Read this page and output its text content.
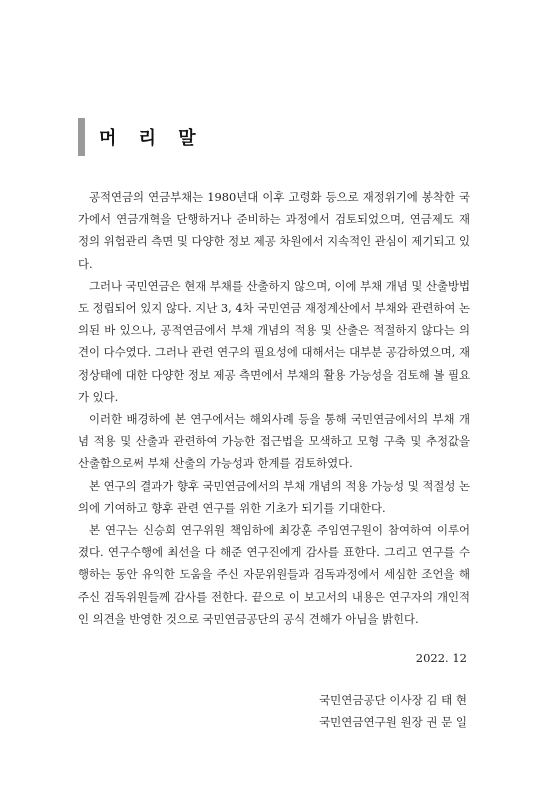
머 리 말

공적연금의 연금부채는 1980년대 이후 고령화 등으로 재정위기에 봉착한 국가에서 연금개혁을 단행하거나 준비하는 과정에서 검토되었으며, 연금제도 재정의 위험관리 측면 및 다양한 정보 제공 차원에서 지속적인 관심이 제기되고 있다.

그러나 국민연금은 현재 부채를 산출하지 않으며, 이에 부채 개념 및 산출방법도 정립되어 있지 않다. 지난 3, 4차 국민연금 재정계산에서 부채와 관련하여 논의된 바 있으나, 공적연금에서 부채 개념의 적용 및 산출은 적절하지 않다는 의견이 다수였다. 그러나 관련 연구의 필요성에 대해서는 대부분 공감하였으며, 재정상태에 대한 다양한 정보 제공 측면에서 부채의 활용 가능성을 검토해 볼 필요가 있다.

이러한 배경하에 본 연구에서는 해외사례 등을 통해 국민연금에서의 부채 개념 적용 및 산출과 관련하여 가능한 접근법을 모색하고 모형 구축 및 추정값을 산출함으로써 부채 산출의 가능성과 한계를 검토하였다.

본 연구의 결과가 향후 국민연금에서의 부채 개념의 적용 가능성 및 적절성 논의에 기여하고 향후 관련 연구를 위한 기초가 되기를 기대한다.

본 연구는 신승희 연구위원 책임하에 최강훈 주임연구원이 참여하여 이루어졌다. 연구수행에 최선을 다 해준 연구진에게 감사를 표한다. 그리고 연구를 수행하는 동안 유익한 도움을 주신 자문위원들과 검독과정에서 세심한 조언을 해주신 검독위원들께 감사를 전한다. 끝으로 이 보고서의 내용은 연구자의 개인적인 의견을 반영한 것으로 국민연금공단의 공식 견해가 아님을 밝힌다.

2022. 12
국민연금공단 이사장 김 태 현
국민연금연구원 원장 권 문 일
